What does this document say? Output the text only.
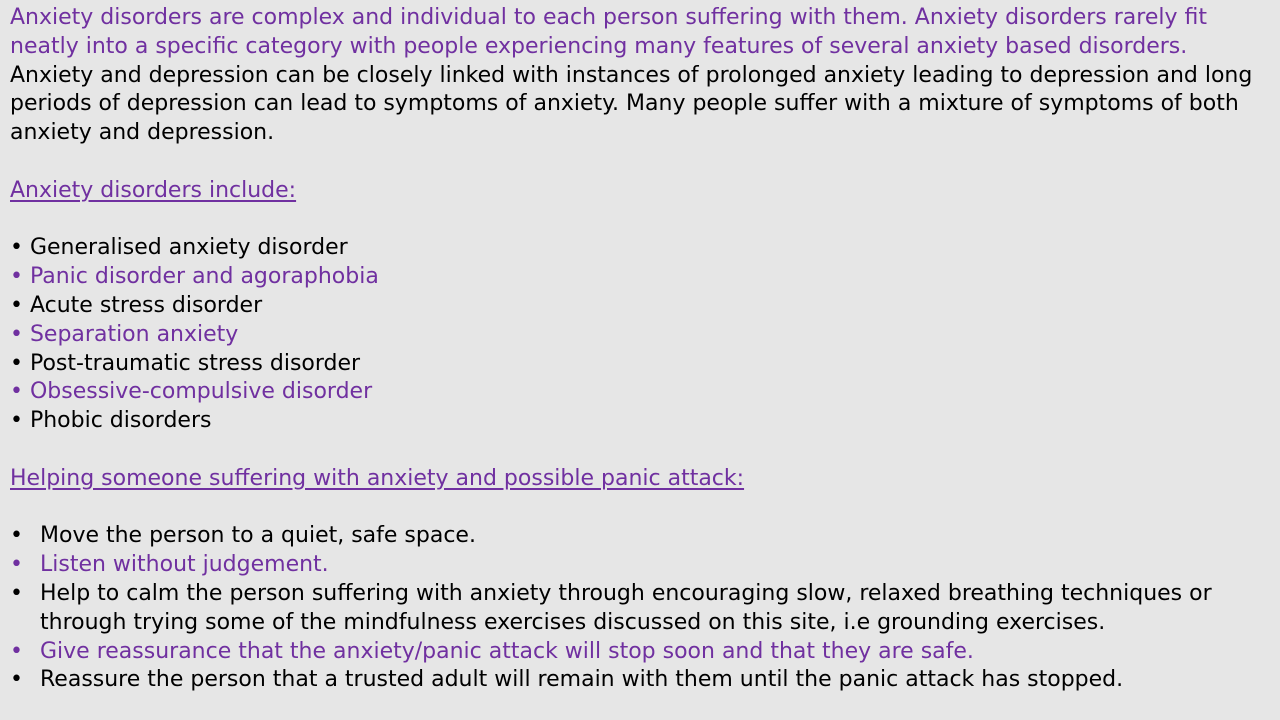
Anxiety disorders are complex and individual to each person suffering with them. Anxiety disorders rarely fit neatly into a specific category with people experiencing many features of several anxiety based disorders.

Anxiety and depression can be closely linked with instances of prolonged anxiety leading to depression and long periods of depression can lead to symptoms of anxiety. Many people suffer with a mixture of symptoms of both anxiety and depression.

Anxiety disorders include:

• Generalised anxiety disorder
• Panic disorder and agoraphobia
• Acute stress disorder
• Separation anxiety
• Post-traumatic stress disorder
• Obsessive-compulsive disorder
• Phobic disorders

Helping someone suffering with anxiety and possible panic attack:

• Move the person to a quiet, safe space.
• Listen without judgement.
• Help to calm the person suffering with anxiety through encouraging slow, relaxed breathing techniques or through trying some of the mindfulness exercises discussed on this site, i.e grounding exercises.
• Give reassurance that the anxiety/panic attack will stop soon and that they are safe.
• Reassure the person that a trusted adult will remain with them until the panic attack has stopped.
